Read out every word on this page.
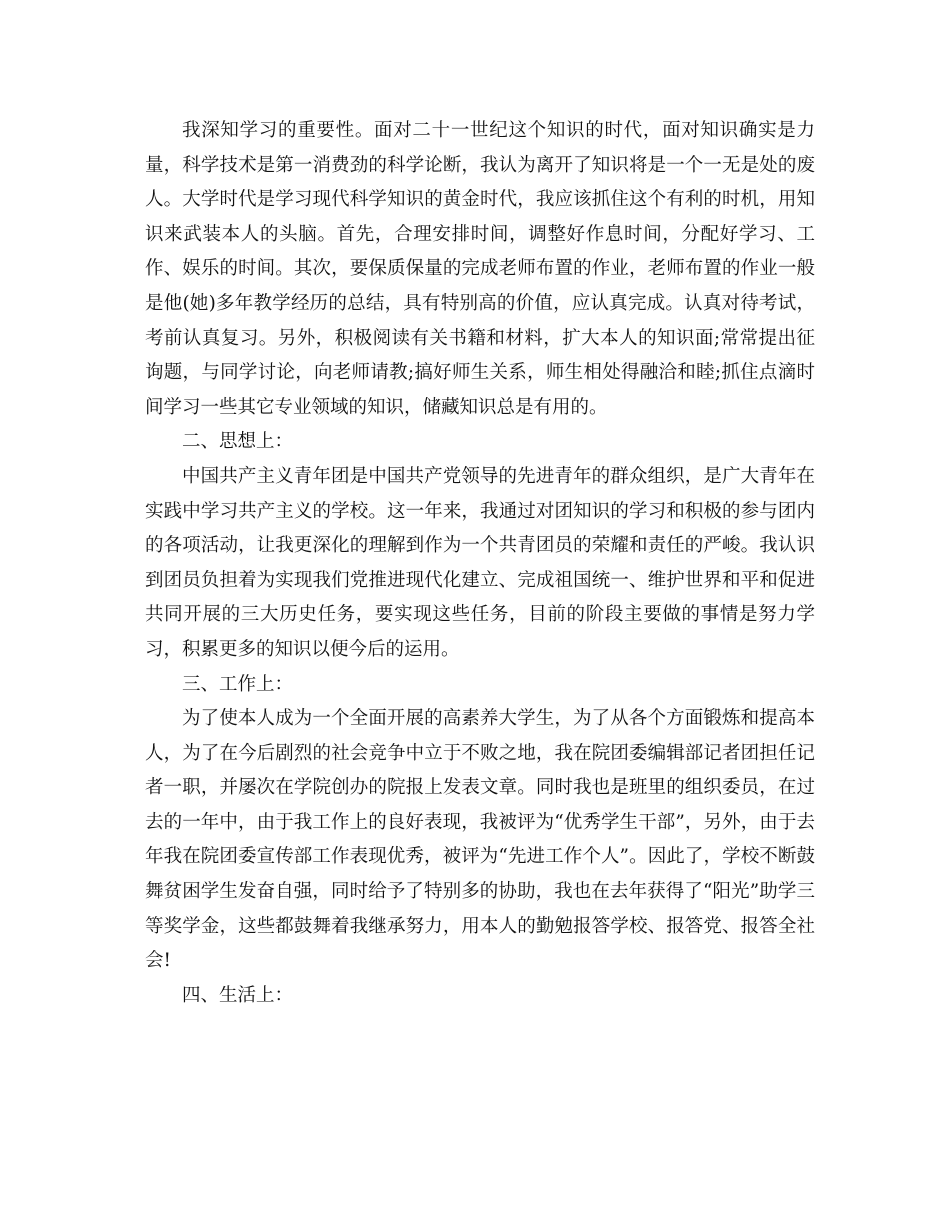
我深知学习的重要性。面对二十一世纪这个知识的时代，面对知识确实是力量，科学技术是第一消费劲的科学论断，我认为离开了知识将是一个一无是处的废人。大学时代是学习现代科学知识的黄金时代，我应该抓住这个有利的时机，用知识来武装本人的头脑。首先，合理安排时间，调整好作息时间，分配好学习、工作、娱乐的时间。其次，要保质保量的完成老师布置的作业，老师布置的作业一般是他(她)多年教学经历的总结，具有特别高的价值，应认真完成。认真对待考试，考前认真复习。另外，积极阅读有关书籍和材料，扩大本人的知识面;常常提出征询题，与同学讨论，向老师请教;搞好师生关系，师生相处得融洽和睦;抓住点滴时间学习一些其它专业领域的知识，储藏知识总是有用的。

二、思想上：

中国共产主义青年团是中国共产党领导的先进青年的群众组织，是广大青年在实践中学习共产主义的学校。这一年来，我通过对团知识的学习和积极的参与团内的各项活动，让我更深化的理解到作为一个共青团员的荣耀和责任的严峻。我认识到团员负担着为实现我们党推进现代化建立、完成祖国统一、维护世界和平和促进共同开展的三大历史任务，要实现这些任务，目前的阶段主要做的事情是努力学习，积累更多的知识以便今后的运用。

三、工作上：

为了使本人成为一个全面开展的高素养大学生，为了从各个方面锻炼和提高本人，为了在今后剧烈的社会竞争中立于不败之地，我在院团委编辑部记者团担任记者一职，并屡次在学院创办的院报上发表文章。同时我也是班里的组织委员，在过去的一年中，由于我工作上的良好表现，我被评为“优秀学生干部”，另外，由于去年我在院团委宣传部工作表现优秀，被评为“先进工作个人”。因此了，学校不断鼓舞贫困学生发奋自强，同时给予了特别多的协助，我也在去年获得了“阳光”助学三等奖学金，这些都鼓舞着我继承努力，用本人的勤勉报答学校、报答党、报答全社会!

四、生活上：
